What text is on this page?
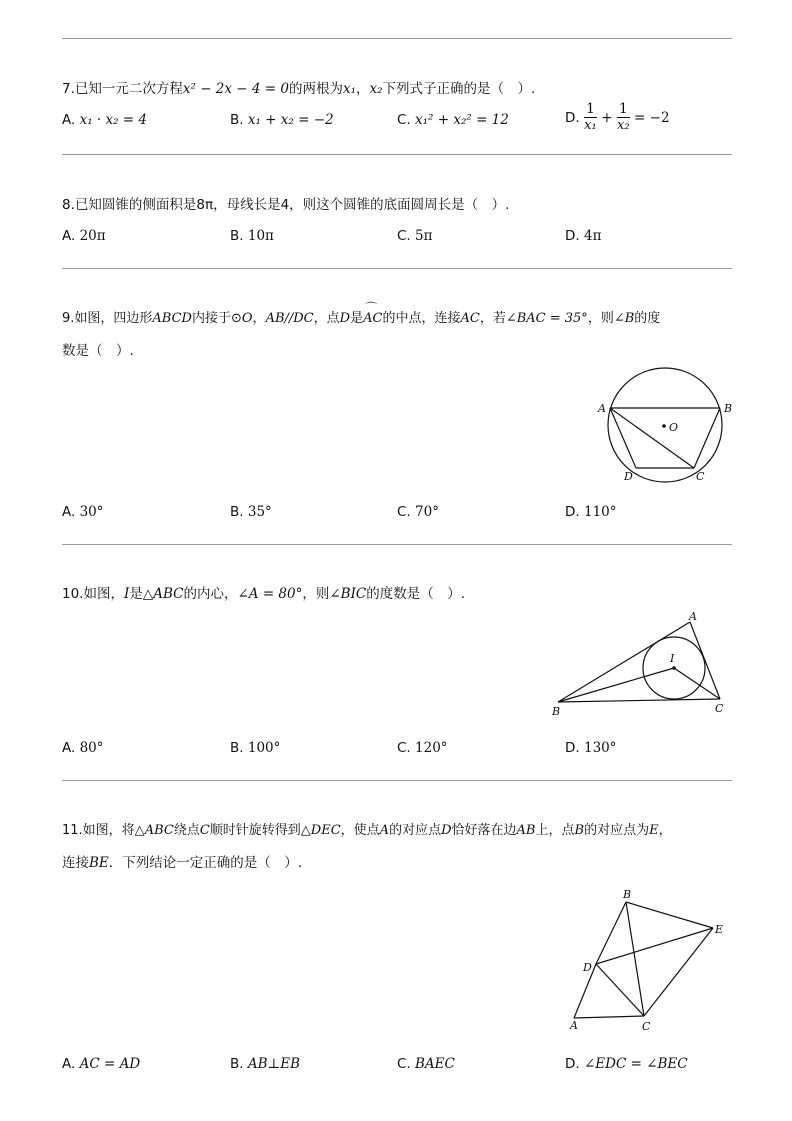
7.已知一元二次方程x² − 2x − 4 = 0的两根为x₁，x₂下列式子正确的是（　）.
A. x₁ · x₂ = 4	B. x₁ + x₂ = −2	C. x₁² + x₂² = 12	D. $\frac{1}{\text{x₁}} + \frac{1}{\text{x₂}} = -2$
8.已知圆锥的侧面积是8π，母线长是4，则这个圆锥的底面圆周长是（　）.
A. 20π	B. 10π	C. 5π	D. 4π
9.如图，四边形ABCD内接于⊙O，AB//DC，点D是AC
⌒
的中点，连接AC，若∠BAC = 35°，则∠B的度
数是（　）.
A	B
C
D
O
A. 30°	B. 35°	C. 70°	D. 110°
10.如图，I是△ABC的内心，∠A = 80°，则∠BIC的度数是（　）.
A
B	C
I
A. 80°	B. 100°	C. 120°	D. 130°
11.如图，将△ABC绕点C顺时针旋转得到△DEC，使点A的对应点D恰好落在边AB上，点B的对应点为E，
连接BE．下列结论一定正确的是（　）.
A
B
C
D
E
A. AC = AD	B. AB⊥EB	C. BAEC	D. ∠EDC = ∠BEC
